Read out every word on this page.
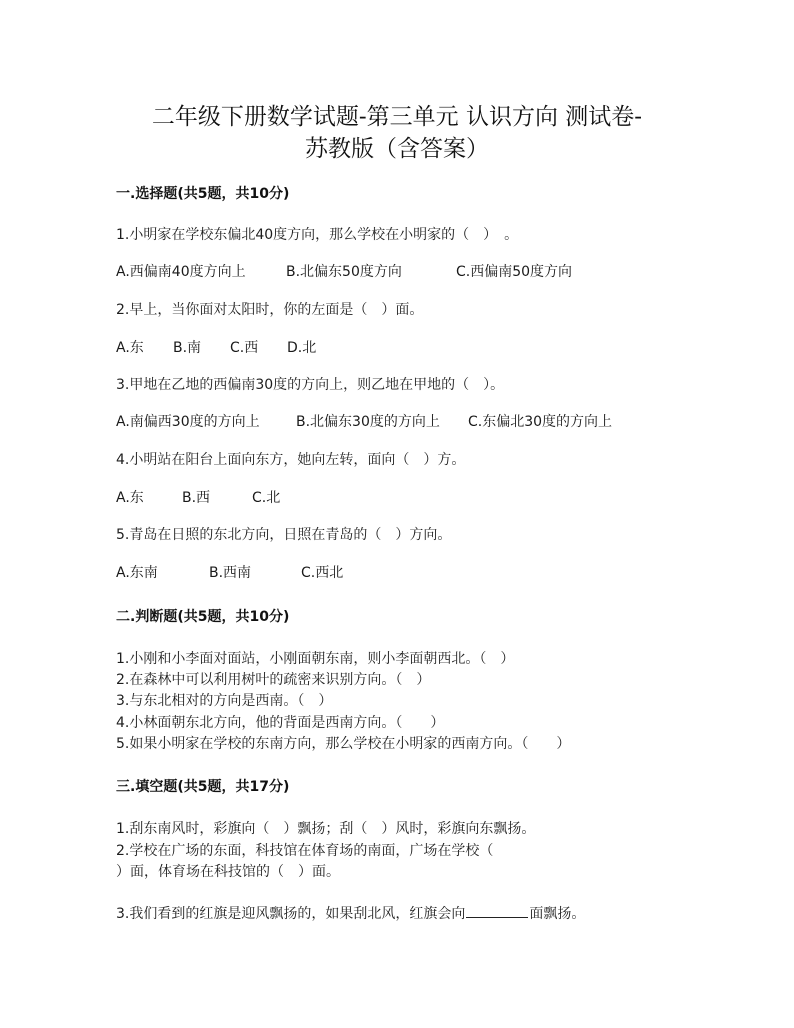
二年级下册数学试题-第三单元 认识方向 测试卷-
苏教版（含答案）
一.选择题(共5题，共10分)
1.小明家在学校东偏北40度方向，那么学校在小明家的（　）　。
A.西偏南40度方向上	B.北偏东50度方向	C.西偏南50度方向
2.早上，当你面对太阳时，你的左面是（　）面。
A.东	B.南	C.西	D.北
3.甲地在乙地的西偏南30度的方向上，则乙地在甲地的（　）。
A.南偏西30度的方向上	B.北偏东30度的方向上	C.东偏北30度的方向上
4.小明站在阳台上面向东方，她向左转，面向（　）方。
A.东	B.西	C.北
5.青岛在日照的东北方向，日照在青岛的（　）方向。
A.东南	B.西南	C.西北
二.判断题(共5题，共10分)
1.小刚和小李面对面站，小刚面朝东南，则小李面朝西北。（　）
2.在森林中可以利用树叶的疏密来识别方向。（　）
3.与东北相对的方向是西南。（　）
4.小林面朝东北方向，他的背面是西南方向。（　　）
5.如果小明家在学校的东南方向，那么学校在小明家的西南方向。（　　）
三.填空题(共5题，共17分)
1.刮东南风时，彩旗向（　）飘扬；刮（　）风时，彩旗向东飘扬。
2.学校在广场的东面，科技馆在体育场的南面，广场在学校（
）面，体育场在科技馆的（　）面。
3.我们看到的红旗是迎风飘扬的，如果刮北风，红旗会向	面飘扬。
